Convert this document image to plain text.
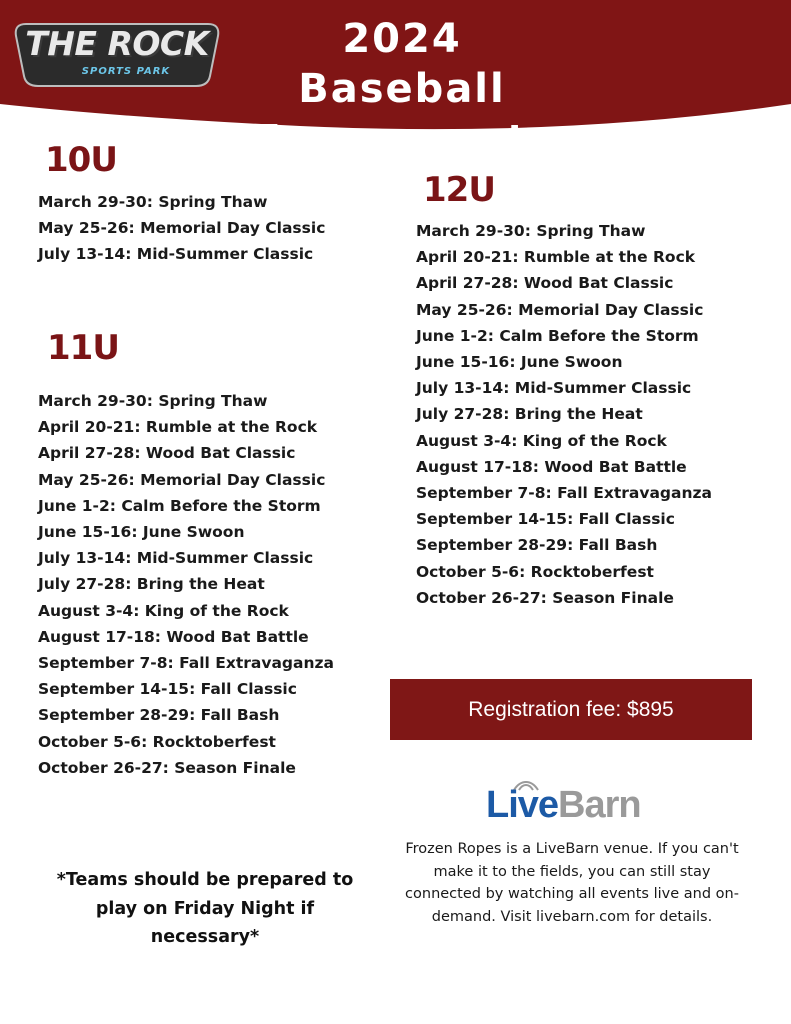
THE ROCK
SPORTS PARK
2024 Baseball
Tournaments
10U
March 29-30: Spring Thaw
May 25-26: Memorial Day Classic
July 13-14: Mid-Summer Classic
11U
March 29-30: Spring Thaw
April 20-21: Rumble at the Rock
April 27-28: Wood Bat Classic
May 25-26: Memorial Day Classic
June 1-2: Calm Before the Storm
June 15-16: June Swoon
July 13-14: Mid-Summer Classic
July 27-28: Bring the Heat
August 3-4: King of the Rock
August 17-18: Wood Bat Battle
September 7-8: Fall Extravaganza
September 14-15: Fall Classic
September 28-29: Fall Bash
October 5-6: Rocktoberfest
October 26-27: Season Finale
12U
March 29-30: Spring Thaw
April 20-21: Rumble at the Rock
April 27-28: Wood Bat Classic
May 25-26: Memorial Day Classic
June 1-2: Calm Before the Storm
June 15-16: June Swoon
July 13-14: Mid-Summer Classic
July 27-28: Bring the Heat
August 3-4: King of the Rock
August 17-18: Wood Bat Battle
September 7-8: Fall Extravaganza
September 14-15: Fall Classic
September 28-29: Fall Bash
October 5-6: Rocktoberfest
October 26-27: Season Finale
Registration fee: $895
Live Barn
Frozen Ropes is a LiveBarn venue. If you can't make it to the fields, you can still stay connected by watching all events live and on-demand. Visit livebarn.com for details.
*Teams should be prepared to play on Friday Night if necessary*
